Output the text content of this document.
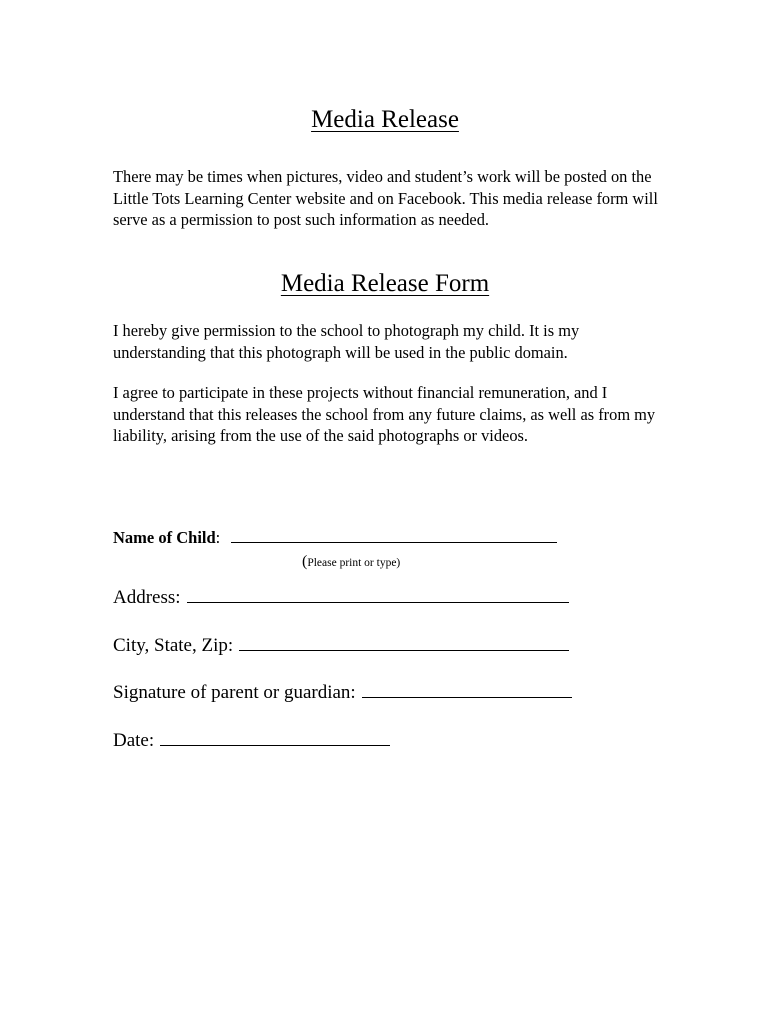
Media Release

There may be times when pictures, video and student’s work will be posted on the Little Tots Learning Center website and on Facebook. This media release form will serve as a permission to post such information as needed.

Media Release Form

I hereby give permission to the school to photograph my child. It is my understanding that this photograph will be used in the public domain.

I agree to participate in these projects without financial remuneration, and I understand that this releases the school from any future claims, as well as from my liability, arising from the use of the said photographs or videos.

Name of Child:
(Please print or type)
Address:
City, State, Zip:
Signature of parent or guardian:
Date:
